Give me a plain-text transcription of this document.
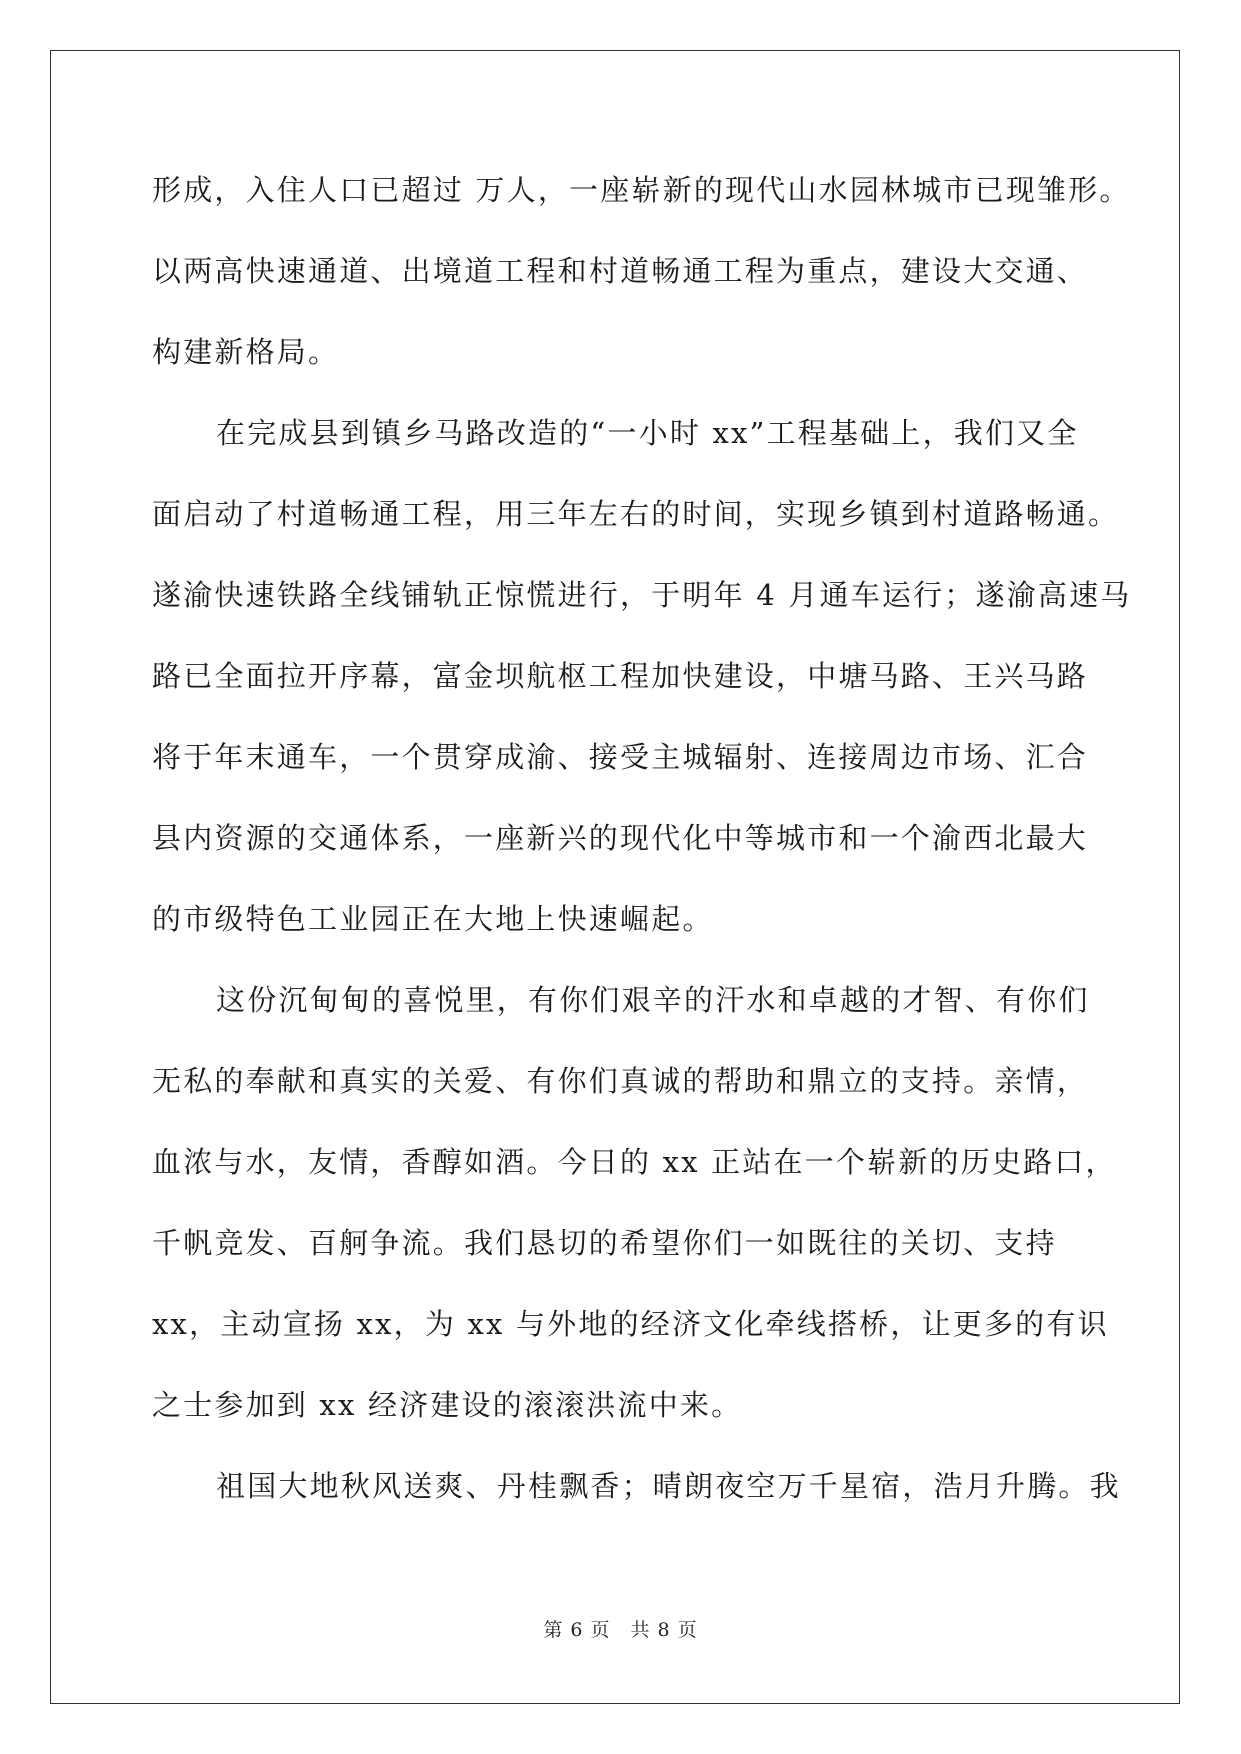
形成，入住人口已超过 万人，一座崭新的现代山水园林城市已现雏形。
以两高快速通道、出境道工程和村道畅通工程为重点，建设大交通、
构建新格局。
在完成县到镇乡马路改造的“一小时 xx”工程基础上，我们又全
面启动了村道畅通工程，用三年左右的时间，实现乡镇到村道路畅通。
遂渝快速铁路全线铺轨正惊慌进行，于明年 4 月通车运行；遂渝高速马
路已全面拉开序幕，富金坝航枢工程加快建设，中塘马路、王兴马路
将于年末通车，一个贯穿成渝、接受主城辐射、连接周边市场、汇合
县内资源的交通体系，一座新兴的现代化中等城市和一个渝西北最大
的市级特色工业园正在大地上快速崛起。
这份沉甸甸的喜悦里，有你们艰辛的汗水和卓越的才智、有你们
无私的奉献和真实的关爱、有你们真诚的帮助和鼎立的支持。亲情，
血浓与水，友情，香醇如酒。今日的 xx 正站在一个崭新的历史路口，
千帆竞发、百舸争流。我们恳切的希望你们一如既往的关切、支持
xx，主动宣扬 xx，为 xx 与外地的经济文化牵线搭桥，让更多的有识
之士参加到 xx 经济建设的滚滚洪流中来。
祖国大地秋风送爽、丹桂飘香；晴朗夜空万千星宿，浩月升腾。我
第 6 页　共 8 页
